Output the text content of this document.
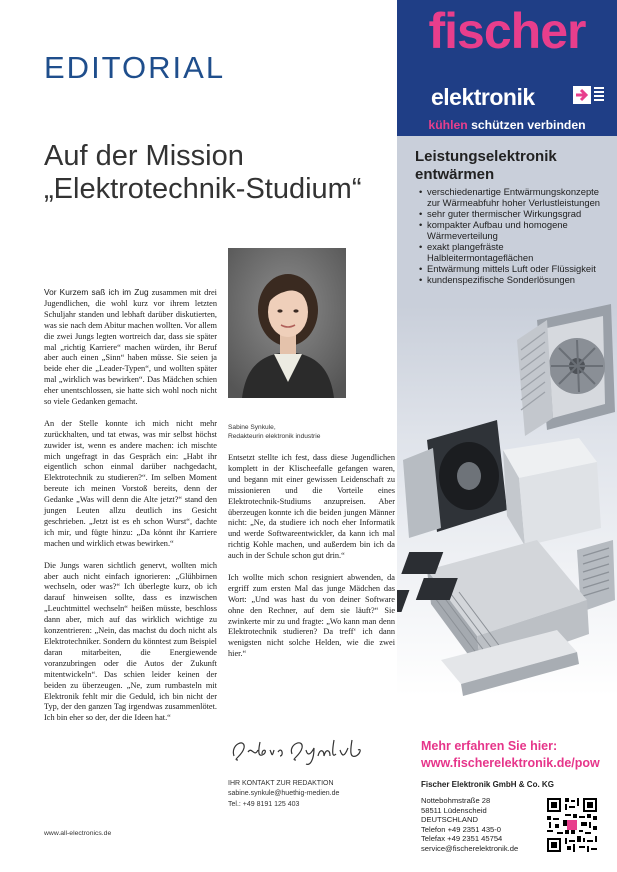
EDITORIAL
Auf der Mission
„Elektrotechnik-Studium“

Vor Kurzem saß ich im Zug zusammen mit drei Jugendlichen, die wohl kurz vor ihrem letzten Schuljahr standen und lebhaft darüber diskutierten, was sie nach dem Abitur machen wollten. Vor allem die zwei Jungs legten wortreich dar, dass sie später mal „richtig Karriere“ machen würden, ihr Beruf aber auch einen „Sinn“ haben müsse. Sie seien ja beide eher die „Leader-Typen“, und wollten später mal „wirklich was bewirken“. Das Mädchen schien eher unentschlossen, sie hatte sich wohl noch nicht so viele Gedanken gemacht.

An der Stelle konnte ich mich nicht mehr zurückhalten, und tat etwas, was mir selbst höchst zuwider ist, wenn es andere machen: ich mischte mich ungefragt in das Gespräch ein: „Habt ihr eigentlich schon einmal darüber nachgedacht, Elektrotechnik zu studieren?“. Im selben Moment bereute ich meinen Vorstoß bereits, denn der Gedanke „Was will denn die Alte jetzt?“ stand den jungen Leuten allzu deutlich ins Gesicht geschrieben. „Jetzt ist es eh schon Wurst“, dachte ich mir, und fügte hinzu: „Da könnt ihr Karriere machen und wirklich etwas bewirken.“

Die Jungs waren sichtlich genervt, wollten mich aber auch nicht einfach ignorieren: „Glühbirnen wechseln, oder was?“ Ich überlegte kurz, ob ich darauf hinweisen sollte, dass es inzwischen „Leuchtmittel wechseln“ heißen müsste, beschloss dann aber, mich auf das wirklich wichtige zu konzentrieren: „Nein, das machst du doch nicht als Elektrotechniker. Sondern du könntest zum Beispiel daran mitarbeiten, die Energiewende voranzubringen oder die Autos der Zukunft mitentwickeln“. Das schien leider keinen der beiden zu überzeugen. „Ne, zum rumbasteln mit Elektronik fehlt mir die Geduld, ich bin nicht der Typ, der den ganzen Tag irgendwas zusammenlötet. Ich bin eher so der, der die Ideen hat.“

Sabine Synkule,
Redakteurin elektronik industrie

Entsetzt stellte ich fest, dass diese Jugendlichen komplett in der Klischeefalle gefangen waren, und begann mit einer gewissen Leidenschaft zu missionieren und die Vorteile eines Elektrotechnik-Studiums anzupreisen. Aber überzeugen konnte ich die beiden jungen Männer nicht: „Ne, da studiere ich noch eher Informatik und werde Softwareentwickler, da kann ich mal richtig Kohle machen, und außerdem bin ich da auch in der Schule schon gut drin.“

Ich wollte mich schon resigniert abwenden, da ergriff zum ersten Mal das junge Mädchen das Wort: „Und was hast du von deiner Software ohne den Rechner, auf dem sie läuft?“ Sie zwinkerte mir zu und fragte: „Wo kann man denn Elektrotechnik studieren? Da treff‘ ich dann wenigsten nicht solche Helden, wie die zwei hier.“

IHR KONTAKT ZUR REDAKTION
sabine.synkule@huethig-medien.de
Tel.: +49 8191 125 403
www.all-electronics.de
fischer
elektronik
kühlen schützen verbinden
Leistungselektronik
entwärmen
• verschiedenartige Entwärmungskonzepte zur Wärmeabfuhr hoher Verlustleistungen
• sehr guter thermischer Wirkungsgrad
• kompakter Aufbau und homogene Wärmeverteilung
• exakt plangefräste Halbleitermontageflächen
• Entwärmung mittels Luft oder Flüssigkeit
• kundenspezifische Sonderlösungen
Mehr erfahren Sie hier:
www.fischerelektronik.de/pow
Fischer Elektronik GmbH & Co. KG
Nottebohmstraße 28
58511 Lüdenscheid
DEUTSCHLAND
Telefon +49 2351 435-0
Telefax +49 2351 45754
service@fischerelektronik.de
